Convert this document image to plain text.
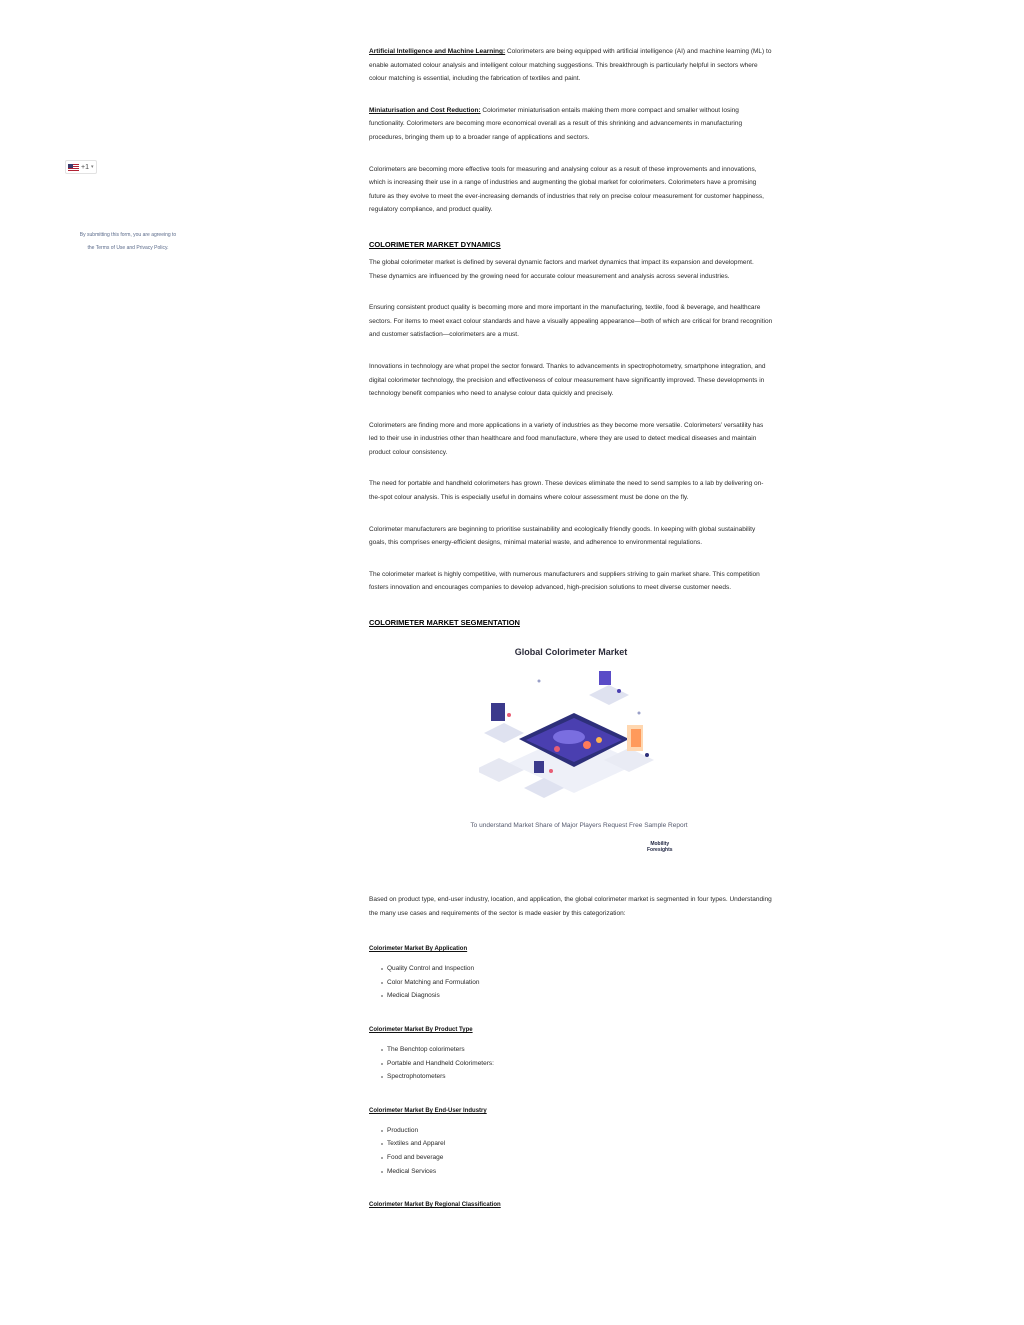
+1 ▾
By submitting this form, you are agreeing to
the Terms of Use and Privacy Policy.

Artificial Intelligence and Machine Learning: Colorimeters are being equipped with artificial intelligence (AI) and machine learning (ML) to enable automated colour analysis and intelligent colour matching suggestions. This breakthrough is particularly helpful in sectors where colour matching is essential, including the fabrication of textiles and paint.

Miniaturisation and Cost Reduction: Colorimeter miniaturisation entails making them more compact and smaller without losing functionality. Colorimeters are becoming more economical overall as a result of this shrinking and advancements in manufacturing procedures, bringing them up to a broader range of applications and sectors.

Colorimeters are becoming more effective tools for measuring and analysing colour as a result of these improvements and innovations, which is increasing their use in a range of industries and augmenting the global market for colorimeters. Colorimeters have a promising future as they evolve to meet the ever-increasing demands of industries that rely on precise colour measurement for customer happiness, regulatory compliance, and product quality.

COLORIMETER MARKET DYNAMICS

The global colorimeter market is defined by several dynamic factors and market dynamics that impact its expansion and development. These dynamics are influenced by the growing need for accurate colour measurement and analysis across several industries.

Ensuring consistent product quality is becoming more and more important in the manufacturing, textile, food & beverage, and healthcare sectors. For items to meet exact colour standards and have a visually appealing appearance—both of which are critical for brand recognition and customer satisfaction—colorimeters are a must.

Innovations in technology are what propel the sector forward. Thanks to advancements in spectrophotometry, smartphone integration, and digital colorimeter technology, the precision and effectiveness of colour measurement have significantly improved. These developments in technology benefit companies who need to analyse colour data quickly and precisely.

Colorimeters are finding more and more applications in a variety of industries as they become more versatile. Colorimeters’ versatility has led to their use in industries other than healthcare and food manufacture, where they are used to detect medical diseases and maintain product colour consistency.

The need for portable and handheld colorimeters has grown. These devices eliminate the need to send samples to a lab by delivering on-the-spot colour analysis. This is especially useful in domains where colour assessment must be done on the fly.

Colorimeter manufacturers are beginning to prioritise sustainability and ecologically friendly goods. In keeping with global sustainability goals, this comprises energy-efficient designs, minimal material waste, and adherence to environmental regulations.

The colorimeter market is highly competitive, with numerous manufacturers and suppliers striving to gain market share. This competition fosters innovation and encourages companies to develop advanced, high-precision solutions to meet diverse customer needs.

COLORIMETER MARKET SEGMENTATION
Global Colorimeter Market
To understand Market Share of Major Players Request Free Sample Report
Mobility
Foresights

Based on product type, end-user industry, location, and application, the global colorimeter market is segmented in four types. Understanding the many use cases and requirements of the sector is made easier by this categorization:

Colorimeter Market By Application
Quality Control and Inspection
Color Matching and Formulation
Medical Diagnosis
Colorimeter Market By Product Type
The Benchtop colorimeters
Portable and Handheld Colorimeters:
Spectrophotometers
Colorimeter Market By End-User Industry
Production
Textiles and Apparel
Food and beverage
Medical Services
Colorimeter Market By Regional Classification
